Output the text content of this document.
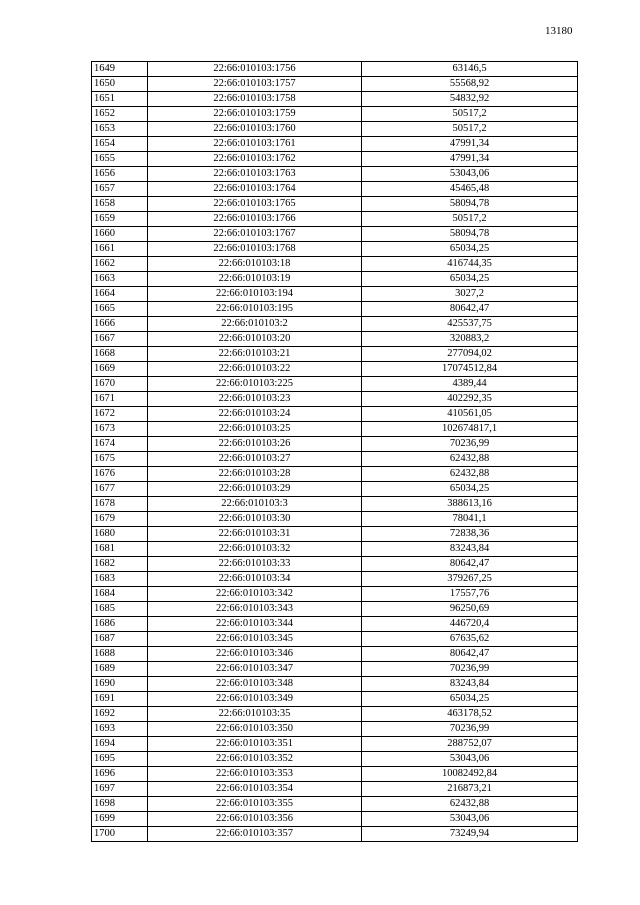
13180
1649	22:66:010103:1756	63146,5
1650	22:66:010103:1757	55568,92
1651	22:66:010103:1758	54832,92
1652	22:66:010103:1759	50517,2
1653	22:66:010103:1760	50517,2
1654	22:66:010103:1761	47991,34
1655	22:66:010103:1762	47991,34
1656	22:66:010103:1763	53043,06
1657	22:66:010103:1764	45465,48
1658	22:66:010103:1765	58094,78
1659	22:66:010103:1766	50517,2
1660	22:66:010103:1767	58094,78
1661	22:66:010103:1768	65034,25
1662	22:66:010103:18	416744,35
1663	22:66:010103:19	65034,25
1664	22:66:010103:194	3027,2
1665	22:66:010103:195	80642,47
1666	22:66:010103:2	425537,75
1667	22:66:010103:20	320883,2
1668	22:66:010103:21	277094,02
1669	22:66:010103:22	17074512,84
1670	22:66:010103:225	4389,44
1671	22:66:010103:23	402292,35
1672	22:66:010103:24	410561,05
1673	22:66:010103:25	102674817,1
1674	22:66:010103:26	70236,99
1675	22:66:010103:27	62432,88
1676	22:66:010103:28	62432,88
1677	22:66:010103:29	65034,25
1678	22:66:010103:3	388613,16
1679	22:66:010103:30	78041,1
1680	22:66:010103:31	72838,36
1681	22:66:010103:32	83243,84
1682	22:66:010103:33	80642,47
1683	22:66:010103:34	379267,25
1684	22:66:010103:342	17557,76
1685	22:66:010103:343	96250,69
1686	22:66:010103:344	446720,4
1687	22:66:010103:345	67635,62
1688	22:66:010103:346	80642,47
1689	22:66:010103:347	70236,99
1690	22:66:010103:348	83243,84
1691	22:66:010103:349	65034,25
1692	22:66:010103:35	463178,52
1693	22:66:010103:350	70236,99
1694	22:66:010103:351	288752,07
1695	22:66:010103:352	53043,06
1696	22:66:010103:353	10082492,84
1697	22:66:010103:354	216873,21
1698	22:66:010103:355	62432,88
1699	22:66:010103:356	53043,06
1700	22:66:010103:357	73249,94
